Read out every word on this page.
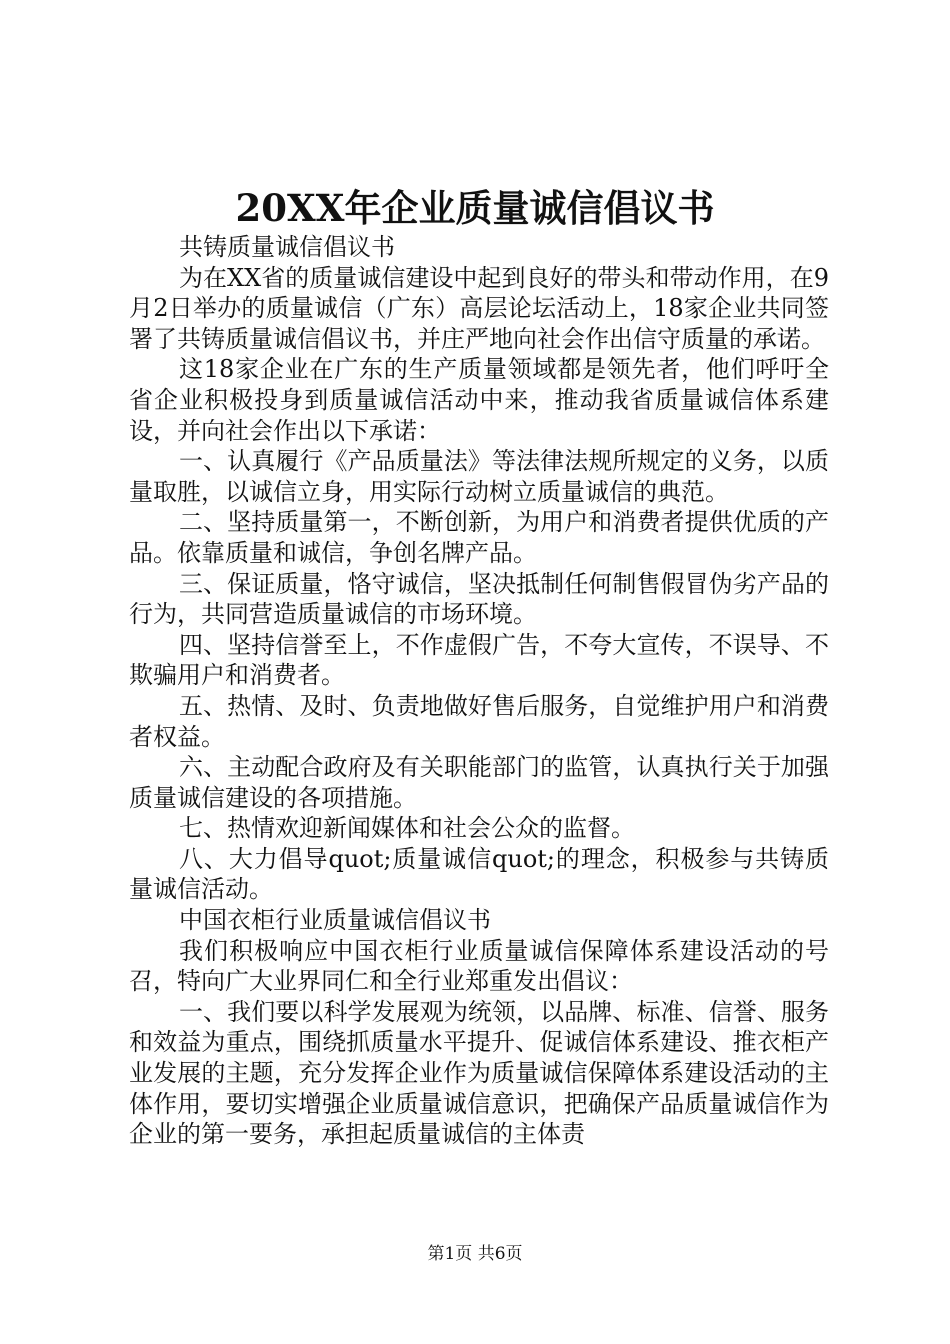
20XX年企业质量诚信倡议书

共铸质量诚信倡议书

为在XX省的质量诚信建设中起到良好的带头和带动作用，在9月2日举办的质量诚信（广东）高层论坛活动上，18家企业共同签署了共铸质量诚信倡议书，并庄严地向社会作出信守质量的承诺。

这18家企业在广东的生产质量领域都是领先者，他们呼吁全省企业积极投身到质量诚信活动中来，推动我省质量诚信体系建设，并向社会作出以下承诺：

一、认真履行《产品质量法》等法律法规所规定的义务，以质量取胜，以诚信立身，用实际行动树立质量诚信的典范。

二、坚持质量第一，不断创新，为用户和消费者提供优质的产品。依靠质量和诚信，争创名牌产品。

三、保证质量，恪守诚信，坚决抵制任何制售假冒伪劣产品的行为，共同营造质量诚信的市场环境。

四、坚持信誉至上，不作虚假广告，不夸大宣传，不误导、不欺骗用户和消费者。

五、热情、及时、负责地做好售后服务，自觉维护用户和消费者权益。

六、主动配合政府及有关职能部门的监管，认真执行关于加强质量诚信建设的各项措施。

七、热情欢迎新闻媒体和社会公众的监督。

八、大力倡导quot;质量诚信quot;的理念，积极参与共铸质量诚信活动。

中国衣柜行业质量诚信倡议书

我们积极响应中国衣柜行业质量诚信保障体系建设活动的号召，特向广大业界同仁和全行业郑重发出倡议：

一、我们要以科学发展观为统领，以品牌、标准、信誉、服务和效益为重点，围绕抓质量水平提升、促诚信体系建设、推衣柜产业发展的主题，充分发挥企业作为质量诚信保障体系建设活动的主体作用，要切实增强企业质量诚信意识，把确保产品质量诚信作为企业的第一要务，承担起质量诚信的主体责

第1页 共6页
